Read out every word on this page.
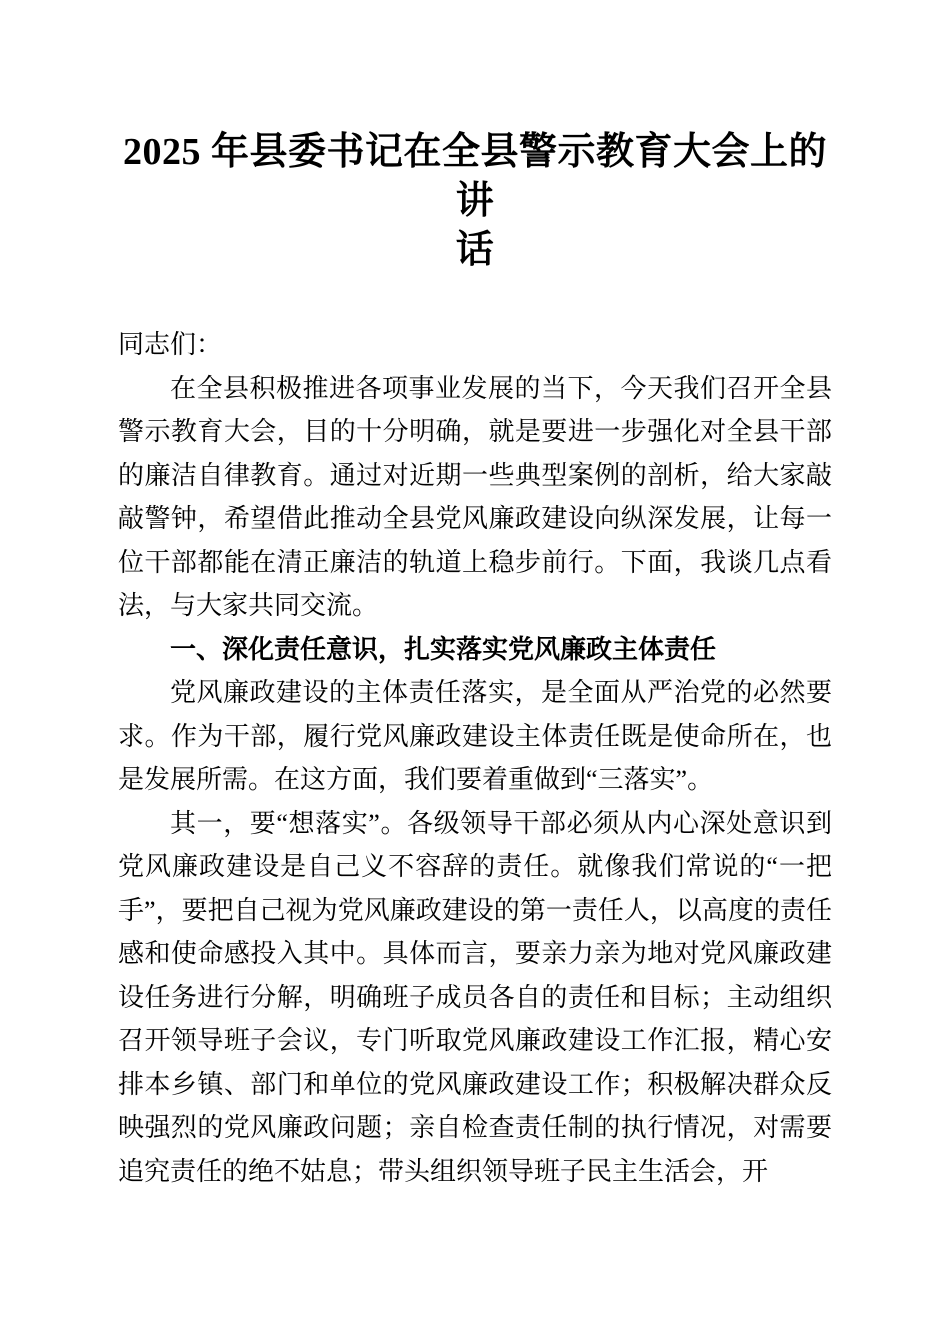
2025 年县委书记在全县警示教育大会上的讲
话

同志们：

在全县积极推进各项事业发展的当下，今天我们召开全县警示教育大会，目的十分明确，就是要进一步强化对全县干部的廉洁自律教育。通过对近期一些典型案例的剖析，给大家敲敲警钟，希望借此推动全县党风廉政建设向纵深发展，让每一位干部都能在清正廉洁的轨道上稳步前行。下面，我谈几点看法，与大家共同交流。

一、深化责任意识，扎实落实党风廉政主体责任

党风廉政建设的主体责任落实，是全面从严治党的必然要求。作为干部，履行党风廉政建设主体责任既是使命所在，也是发展所需。在这方面，我们要着重做到“三落实”。

其一，要“想落实”。各级领导干部必须从内心深处意识到党风廉政建设是自己义不容辞的责任。就像我们常说的“一把手”，要把自己视为党风廉政建设的第一责任人，以高度的责任感和使命感投入其中。具体而言，要亲力亲为地对党风廉政建设任务进行分解，明确班子成员各自的责任和目标；主动组织召开领导班子会议，专门听取党风廉政建设工作汇报，精心安排本乡镇、部门和单位的党风廉政建设工作；积极解决群众反映强烈的党风廉政问题；亲自检查责任制的执行情况，对需要追究责任的绝不姑息；带头组织领导班子民主生活会，开
